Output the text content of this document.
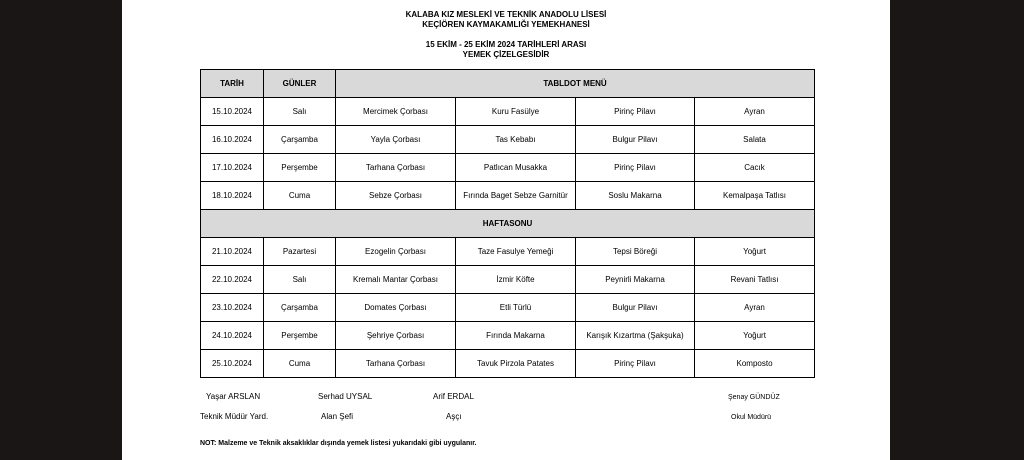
KALABA KIZ MESLEKİ VE TEKNİK ANADOLU LİSESİ
KEÇİÖREN KAYMAKAMLIĞI YEMEKHANESİ
15 EKİM - 25 EKİM 2024 TARİHLERİ ARASI
YEMEK ÇİZELGESİDİR
TARİH	GÜNLER	TABLDOT MENÜ			
15.10.2024	Salı	Mercimek Çorbası	Kuru Fasülye	Pirinç Pilavı	Ayran
16.10.2024	Çarşamba	Yayla Çorbası	Tas Kebabı	Bulgur Pilavı	Salata
17.10.2024	Perşembe	Tarhana Çorbası	Patlıcan Musakka	Pirinç Pilavı	Cacık
18.10.2024	Cuma	Sebze Çorbası	Fırında Baget Sebze Garnitür	Soslu Makarna	Kemalpaşa Tatlısı
HAFTASONU					
21.10.2024	Pazartesi	Ezogelin Çorbası	Taze Fasulye Yemeği	Tepsi Böreği	Yoğurt
22.10.2024	Salı	Kremalı Mantar Çorbası	İzmir Köfte	Peynirli Makarna	Revani Tatlısı
23.10.2024	Çarşamba	Domates Çorbası	Etli Türlü	Bulgur Pilavı	Ayran
24.10.2024	Perşembe	Şehriye Çorbası	Fırında Makarna	Karışık Kızartma (Şakşuka)	Yoğurt
25.10.2024	Cuma	Tarhana Çorbası	Tavuk Pirzola Patates	Pirinç Pilavı	Komposto
Yaşar ARSLAN
Teknik Müdür Yard.
Serhad UYSAL
Alan Şefi
Arif ERDAL
Aşçı
Şenay GÜNDÜZ
Okul Müdürü
NOT: Malzeme ve Teknik aksaklıklar dışında yemek listesi yukarıdaki gibi uygulanır.
